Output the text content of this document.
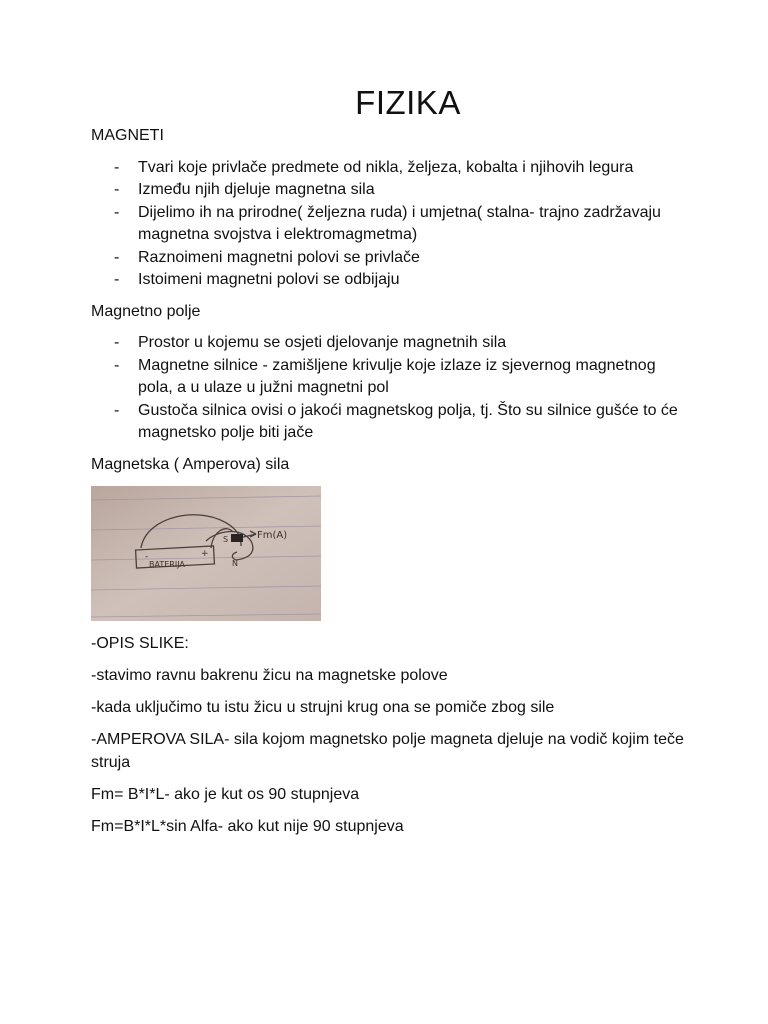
FIZIKA
MAGNETI
- Tvari koje privlače predmete od nikla, željeza, kobalta i njihovih legura
- Između njih djeluje magnetna sila
- Dijelimo ih na prirodne( željezna ruda) i umjetna( stalna- trajno zadržavaju magnetna svojstva i elektromagmetma)
- Raznoimeni magnetni polovi se privlače
- Istoimeni magnetni polovi se odbijaju
Magnetno polje
- Prostor u kojemu se osjeti djelovanje magnetnih sila
- Magnetne silnice - zamišljene krivulje koje izlaze iz sjevernog magnetnog pola, a u ulaze u južni magnetni pol
- Gustoča silnica ovisi o jakoći magnetskog polja, tj. Što su silnice gušće to će magnetsko polje biti jače
Magnetska ( Amperova) sila
-	+
BATERIJA
S
N
Fm(A)

-OPIS SLIKE:

-stavimo ravnu bakrenu žicu na magnetske polove

-kada uključimo tu istu žicu u strujni krug ona se pomiče zbog sile

-AMPEROVA SILA- sila kojom magnetsko polje magneta djeluje na vodič kojim teče struja

Fm= B*I*L- ako je kut os 90 stupnjeva

Fm=B*I*L*sin Alfa- ako kut nije 90 stupnjeva
